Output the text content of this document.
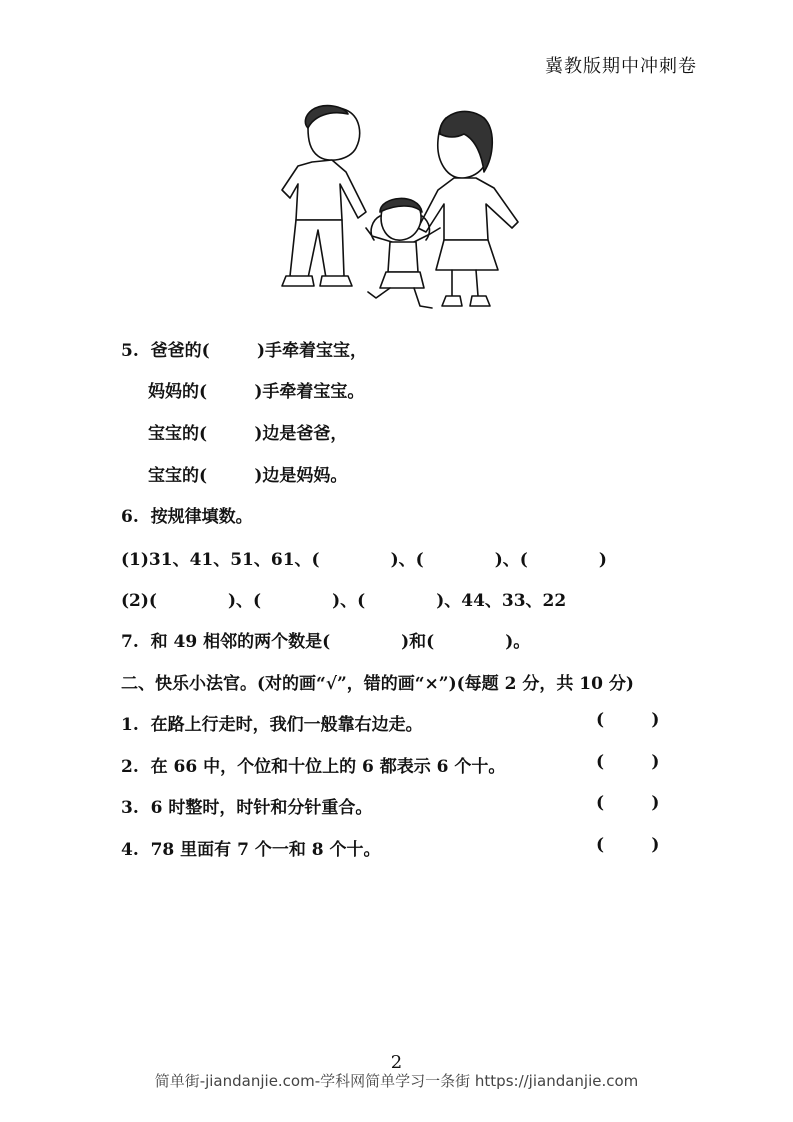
冀教版期中冲刺卷
5.  爸爸的(        )手牵着宝宝，
妈妈的(        )手牵着宝宝。
宝宝的(        )边是爸爸，
宝宝的(        )边是妈妈。
6.  按规律填数。
(1)31、41、51、61、(            )、(            )、(            )
(2)(            )、(            )、(            )、44、33、22
7.  和 49 相邻的两个数是(            )和(            )。
二、快乐小法官。(对的画“√”，错的画“×”)(每题 2 分，共 10 分)
1.  在路上行走时，我们一般靠右边走。	(        )
2.  在 66 中，个位和十位上的 6 都表示 6 个十。	(        )
3.  6 时整时，时针和分针重合。	(        )
4.  78 里面有 7 个一和 8 个十。	(        )
2
简单街-jiandanjie.com-学科网简单学习一条街 https://jiandanjie.com
